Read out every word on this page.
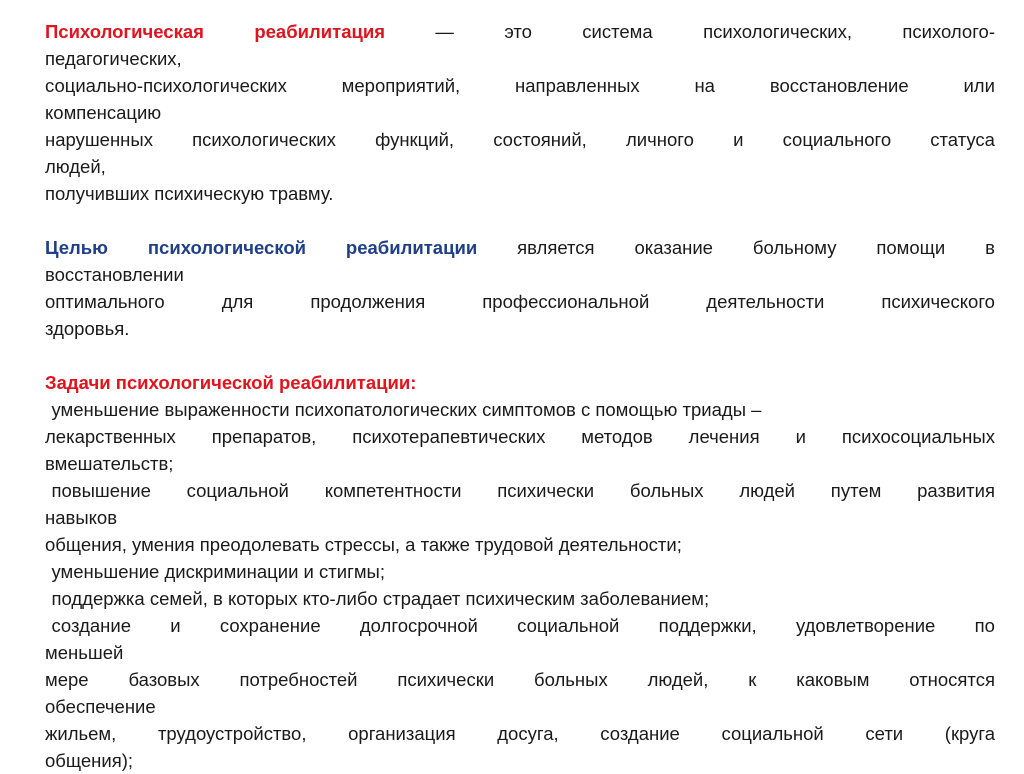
Психологическая	реабилитация	—	это	система	психологических,	психолого-
педагогических,
социально-психологических	мероприятий,	направленных	на	восстановление	или
компенсацию
нарушенных психологических функций, состояний, личного и социального статуса
людей,
получивших психическую травму.
Целью психологической реабилитации является оказание больному помощи в
восстановлении
оптимального	для	продолжения	профессиональной	деятельности	психического
здоровья.
Задачи психологической реабилитации:
уменьшение выраженности психопатологических симптомов с помощью триады –
лекарственных препаратов, психотерапевтических методов лечения и психосоциальных
вмешательств;
повышение социальной компетентности психически больных людей путем развития
навыков
общения, умения преодолевать стрессы, а также трудовой деятельности;
уменьшение дискриминации и стигмы;
поддержка семей, в которых кто-либо страдает психическим заболеванием;
создание и сохранение долгосрочной социальной поддержки, удовлетворение по
меньшей
мере базовых потребностей психически больных людей, к каковым относятся
обеспечение
жильем, трудоустройство, организация досуга, создание социальной сети (круга
общения);
